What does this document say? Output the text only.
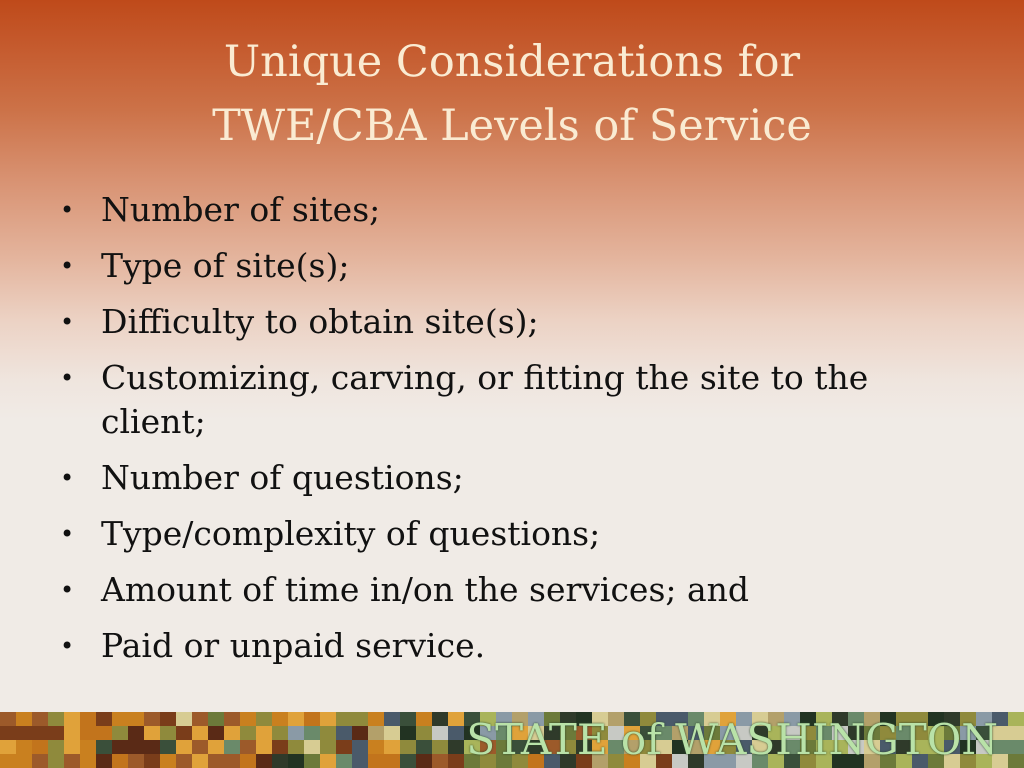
Unique Considerations for
TWE/CBA Levels of Service
• Number of sites;
• Type of site(s);
• Difficulty to obtain site(s);
• Customizing, carving, or fitting the site to the client;
• Number of questions;
• Type/complexity of questions;
• Amount of time in/on the services; and
• Paid or unpaid service.
STATE of WASHINGTON
